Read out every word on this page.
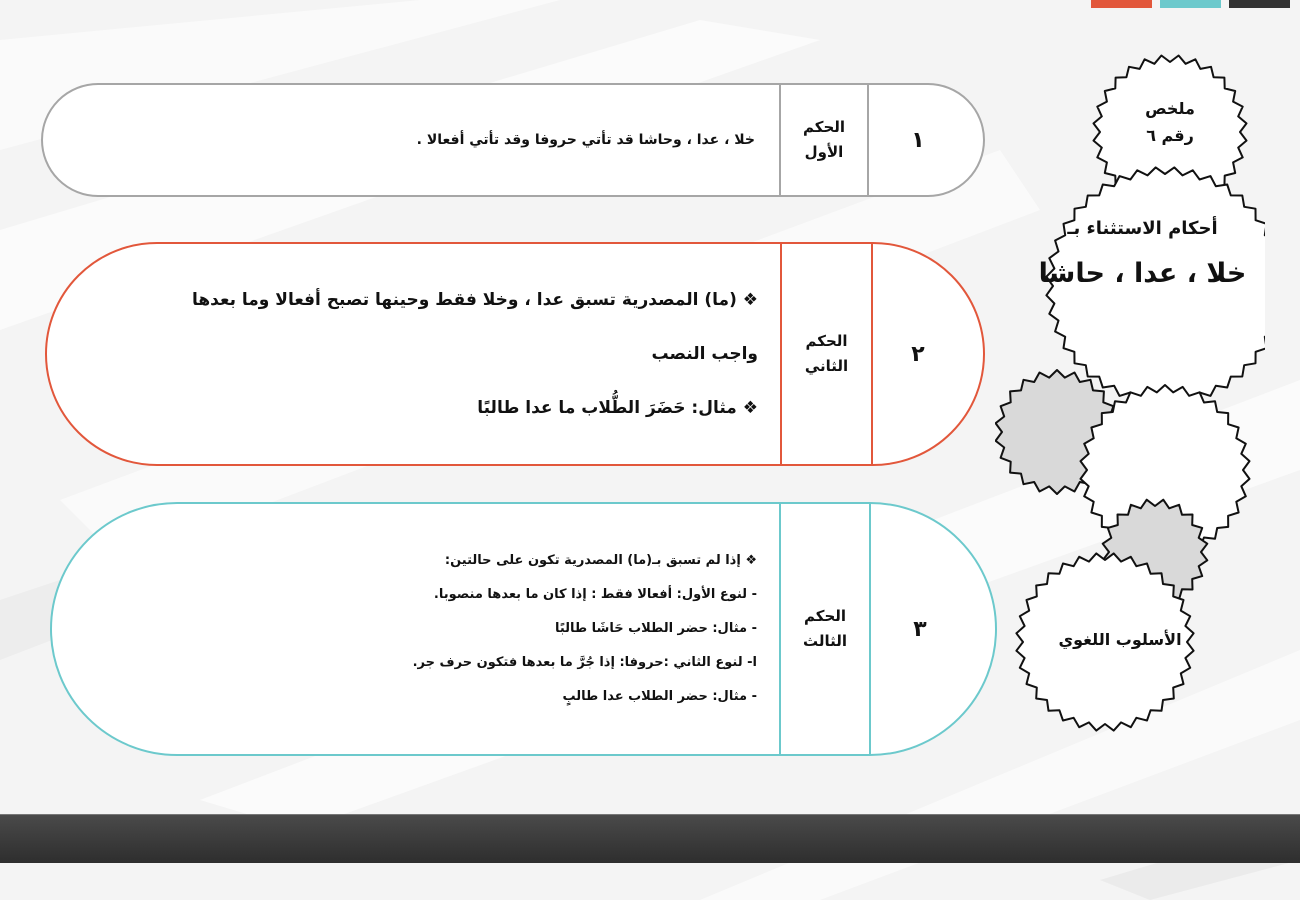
١
الحكم
الأول
خلا ، عدا ، وحاشا قد تأتي حروفا وقد تأتي أفعالا .
٢
الحكم
الثاني
❖ (ما) المصدرية تسبق عدا ، وخلا فقط وحينها تصبح أفعالا وما بعدها
واجب النصب
❖ مثال: حَضَرَ الطُّلاب ما عدا طالبًا
٣
الحكم
الثالث
❖ إذا لم تسبق بـ(ما) المصدرية تكون على حالتين:
- لنوع الأول: أفعالا فقط : إذا كان ما بعدها منصوبا.
- مثال: حضر الطلاب حَاشَا طالبًا
ا- لنوع الثاني :حروفا: إذا جُرَّ ما بعدها فتكون حرف جر.
- مثال: حضر الطلاب عدا طالبٍ
ملخص
رقم ٦
أحكام الاستثناء بـ
خلا ، عدا ، حاشا
الأسلوب اللغوي
